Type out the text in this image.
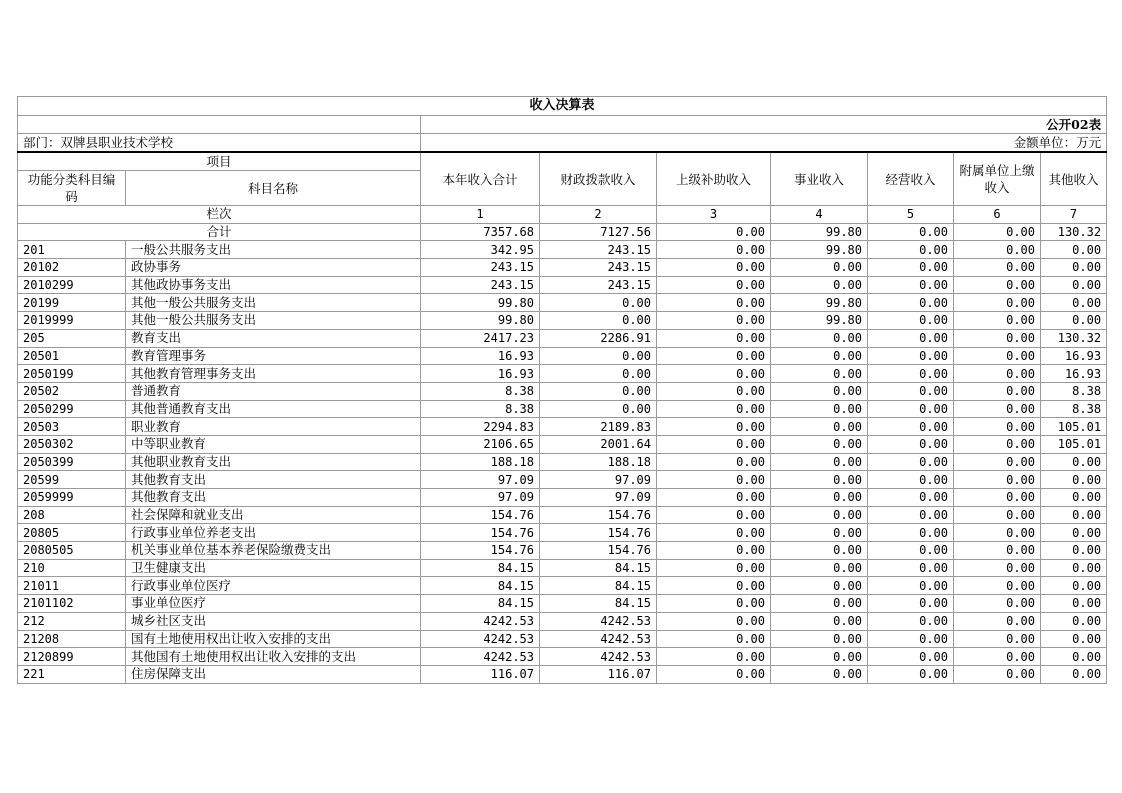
收入决算表								
		公开02表						
部门：双牌县职业技术学校		金额单位：万元						
项目		本年收入合计	财政拨款收入	上级补助收入	事业收入	经营收入	附属单位上缴收入	其他收入
功能分类科目编码	科目名称							
栏次		1	2	3	4	5	6	7
合计		7357.68	7127.56	0.00	99.80	0.00	0.00	130.32
201	一般公共服务支出	342.95	243.15	0.00	99.80	0.00	0.00	0.00
20102	政协事务	243.15	243.15	0.00	0.00	0.00	0.00	0.00
2010299	其他政协事务支出	243.15	243.15	0.00	0.00	0.00	0.00	0.00
20199	其他一般公共服务支出	99.80	0.00	0.00	99.80	0.00	0.00	0.00
2019999	其他一般公共服务支出	99.80	0.00	0.00	99.80	0.00	0.00	0.00
205	教育支出	2417.23	2286.91	0.00	0.00	0.00	0.00	130.32
20501	教育管理事务	16.93	0.00	0.00	0.00	0.00	0.00	16.93
2050199	其他教育管理事务支出	16.93	0.00	0.00	0.00	0.00	0.00	16.93
20502	普通教育	8.38	0.00	0.00	0.00	0.00	0.00	8.38
2050299	其他普通教育支出	8.38	0.00	0.00	0.00	0.00	0.00	8.38
20503	职业教育	2294.83	2189.83	0.00	0.00	0.00	0.00	105.01
2050302	中等职业教育	2106.65	2001.64	0.00	0.00	0.00	0.00	105.01
2050399	其他职业教育支出	188.18	188.18	0.00	0.00	0.00	0.00	0.00
20599	其他教育支出	97.09	97.09	0.00	0.00	0.00	0.00	0.00
2059999	其他教育支出	97.09	97.09	0.00	0.00	0.00	0.00	0.00
208	社会保障和就业支出	154.76	154.76	0.00	0.00	0.00	0.00	0.00
20805	行政事业单位养老支出	154.76	154.76	0.00	0.00	0.00	0.00	0.00
2080505	机关事业单位基本养老保险缴费支出	154.76	154.76	0.00	0.00	0.00	0.00	0.00
210	卫生健康支出	84.15	84.15	0.00	0.00	0.00	0.00	0.00
21011	行政事业单位医疗	84.15	84.15	0.00	0.00	0.00	0.00	0.00
2101102	事业单位医疗	84.15	84.15	0.00	0.00	0.00	0.00	0.00
212	城乡社区支出	4242.53	4242.53	0.00	0.00	0.00	0.00	0.00
21208	国有土地使用权出让收入安排的支出	4242.53	4242.53	0.00	0.00	0.00	0.00	0.00
2120899	其他国有土地使用权出让收入安排的支出	4242.53	4242.53	0.00	0.00	0.00	0.00	0.00
221	住房保障支出	116.07	116.07	0.00	0.00	0.00	0.00	0.00
